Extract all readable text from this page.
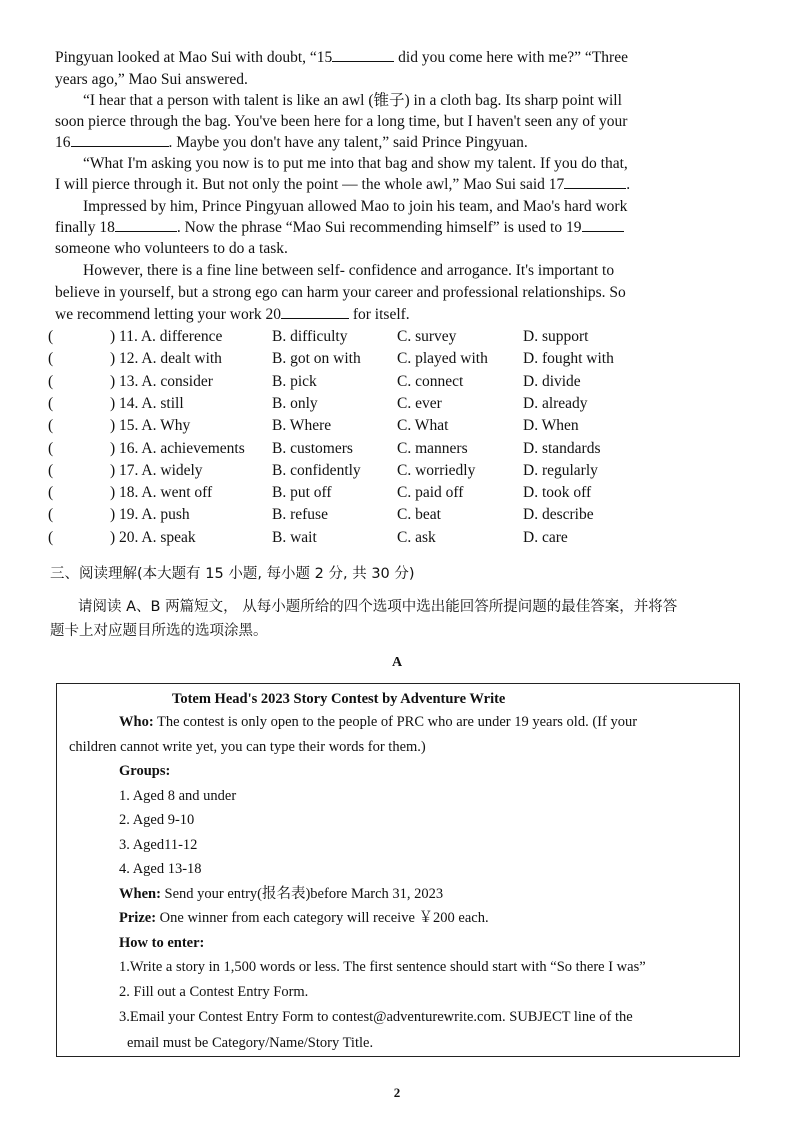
Pingyuan looked at Mao Sui with doubt, “15	did you come here with me?” “Three
years ago,” Mao Sui answered.
“I hear that a person with talent is like an awl (锥子) in a cloth bag. Its sharp point will
soon pierce through the bag. You've been here for a long time, but I haven't seen any of your
16	. Maybe you don't have any talent,” said Prince Pingyuan.
“What I'm asking you now is to put me into that bag and show my talent. If you do that,
I will pierce through it. But not only the point — the whole awl,” Mao Sui said 17	.
Impressed by him, Prince Pingyuan allowed Mao to join his team, and Mao's hard work
finally 18	. Now the phrase “Mao Sui recommending himself” is used to 19
someone who volunteers to do a task.
However, there is a fine line between self- confidence and arrogance. It's important to
believe in yourself, but a strong ego can harm your career and professional relationships. So
we recommend letting your work 20	for itself.
(	) 11. A. difference	B. difficulty	C. survey	D. support
(	) 12. A. dealt with	B. got on with C. played with D. fought with
(	) 13. A. consider	B. pick	C. connect	D. divide
(	) 14. A. still	B. only	C. ever	D. already
(	) 15. A. Why	B. Where	C. What	D. When
(	) 16. A. achievements B. customers	C. manners	D. standards
(	) 17. A. widely	B. confidently C. worriedly	D. regularly
(	) 18. A. went off	B. put off	C. paid off	D. took off
(	) 19. A. push	B. refuse	C. beat	D. describe
(	) 20. A. speak	B. wait	C. ask	D. care
三、阅读理解(本大题有 15 小题, 每小题 2 分, 共 30 分)
请阅读 A、B 两篇短文， 从每小题所给的四个选项中选出能回答所提问题的最佳答案，并将答
题卡上对应题目所选的选项涂黑。
A
Totem Head's 2023 Story Contest by Adventure Write
Who: The contest is only open to the people of PRC who are under 19 years old. (If your
children cannot write yet, you can type their words for them.)
Groups:
1. Aged 8 and under
2. Aged 9-10
3. Aged11-12
4. Aged 13-18
When: Send your entry(报名表)before March 31, 2023
Prize: One winner from each category will receive ￥200 each.
How to enter:
1.Write a story in 1,500 words or less. The first sentence should start with “So there I was”
2. Fill out a Contest Entry Form.
3.Email your Contest Entry Form to contest@adventurewrite.com. SUBJECT line of the
email must be Category/Name/Story Title.
2
